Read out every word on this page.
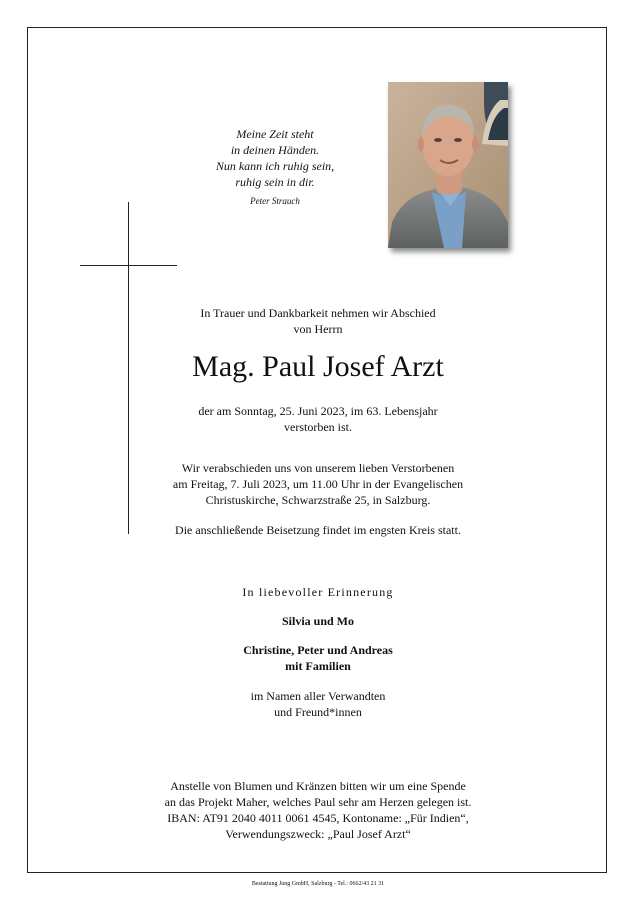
Meine Zeit steht
in deinen Händen.
Nun kann ich ruhig sein,
ruhig sein in dir.
Peter Strauch
In Trauer und Dankbarkeit nehmen wir Abschied
von Herrn
Mag. Paul Josef Arzt
der am Sonntag, 25. Juni 2023, im 63. Lebensjahr
verstorben ist.
Wir verabschieden uns von unserem lieben Verstorbenen
am Freitag, 7. Juli 2023, um 11.00 Uhr in der Evangelischen
Christuskirche, Schwarzstraße 25, in Salzburg.
Die anschließende Beisetzung findet im engsten Kreis statt.
In liebevoller Erinnerung
Silvia und Mo
Christine, Peter und Andreas
mit Familien
im Namen aller Verwandten
und Freund*innen
Anstelle von Blumen und Kränzen bitten wir um eine Spende
an das Projekt Maher, welches Paul sehr am Herzen gelegen ist.
IBAN: AT91 2040 4011 0061 4545, Kontoname: „Für Indien“,
Verwendungszweck: „Paul Josef Arzt“
Bestattung Jung GmbH, Salzburg - Tel.: 0662/43 21 31
